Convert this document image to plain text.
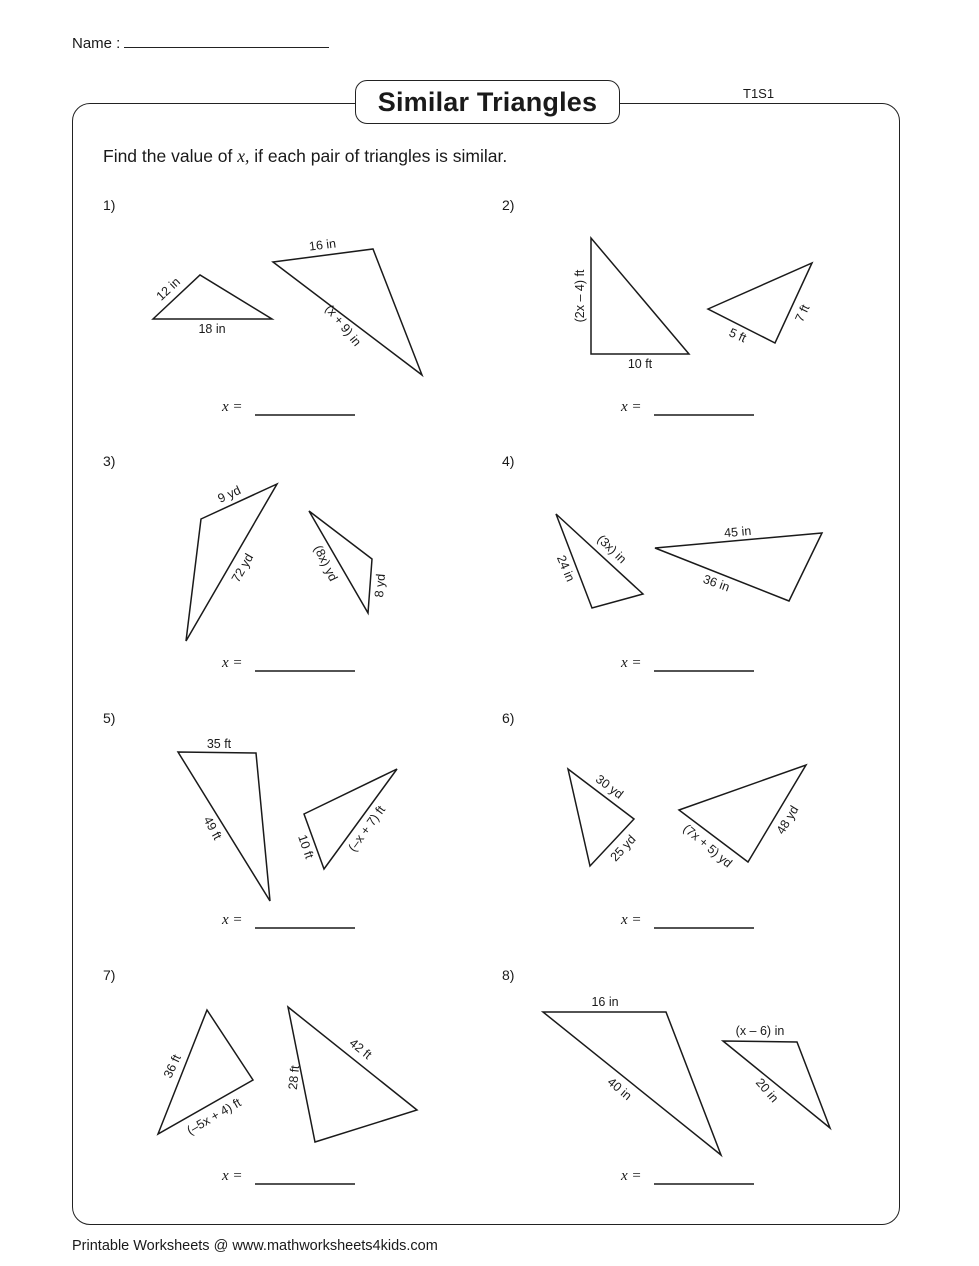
Name :
Similar Triangles	T1S1
Find the value of x, if each pair of triangles is similar.
1)
12 in
18 in
16 in
(x + 9) in
x =
2)
(2x – 4) ft
10 ft
5 ft
7 ft
x =
3)
9 yd
72 yd	(8x) yd
8 yd
x =
4)
(3x) in
24 in
45 in
36 in
x =
5)
35 ft
49 ft
10 ft (–x + 7) ft
x =
6)
30 yd
25 yd	(7x + 5) yd
48 yd
x =
7)
36 ft
(–5x + 4) ft
28 ft
42 ft
x =
8)
16 in
40 in
(x – 6) in
20 in
x =
Printable Worksheets @ www.mathworksheets4kids.com
